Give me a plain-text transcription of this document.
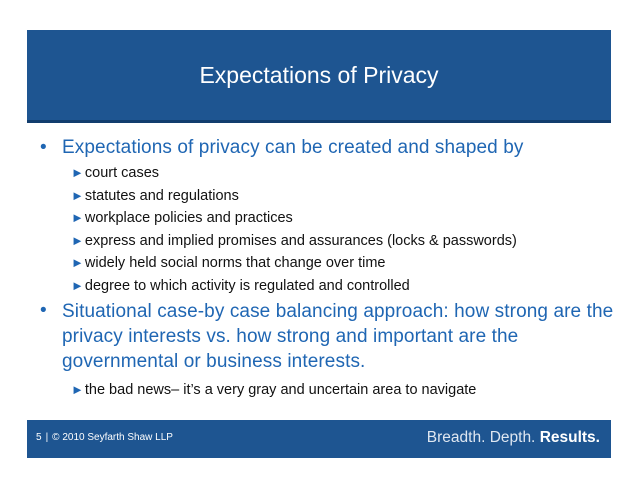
Expectations of Privacy
• Expectations of privacy can be created and shaped by
►court cases
►statutes and regulations
►workplace policies and practices
►express and implied promises and assurances (locks & passwords)
►widely held social norms that change over time
►degree to which activity is regulated and controlled
• Situational case-by case balancing approach: how strong are the privacy interests vs. how strong and important are the governmental or business interests.
►the bad news– it’s a very gray and uncertain area to navigate
5 | © 2010 Seyfarth Shaw LLP	Breadth. Depth. Results.
